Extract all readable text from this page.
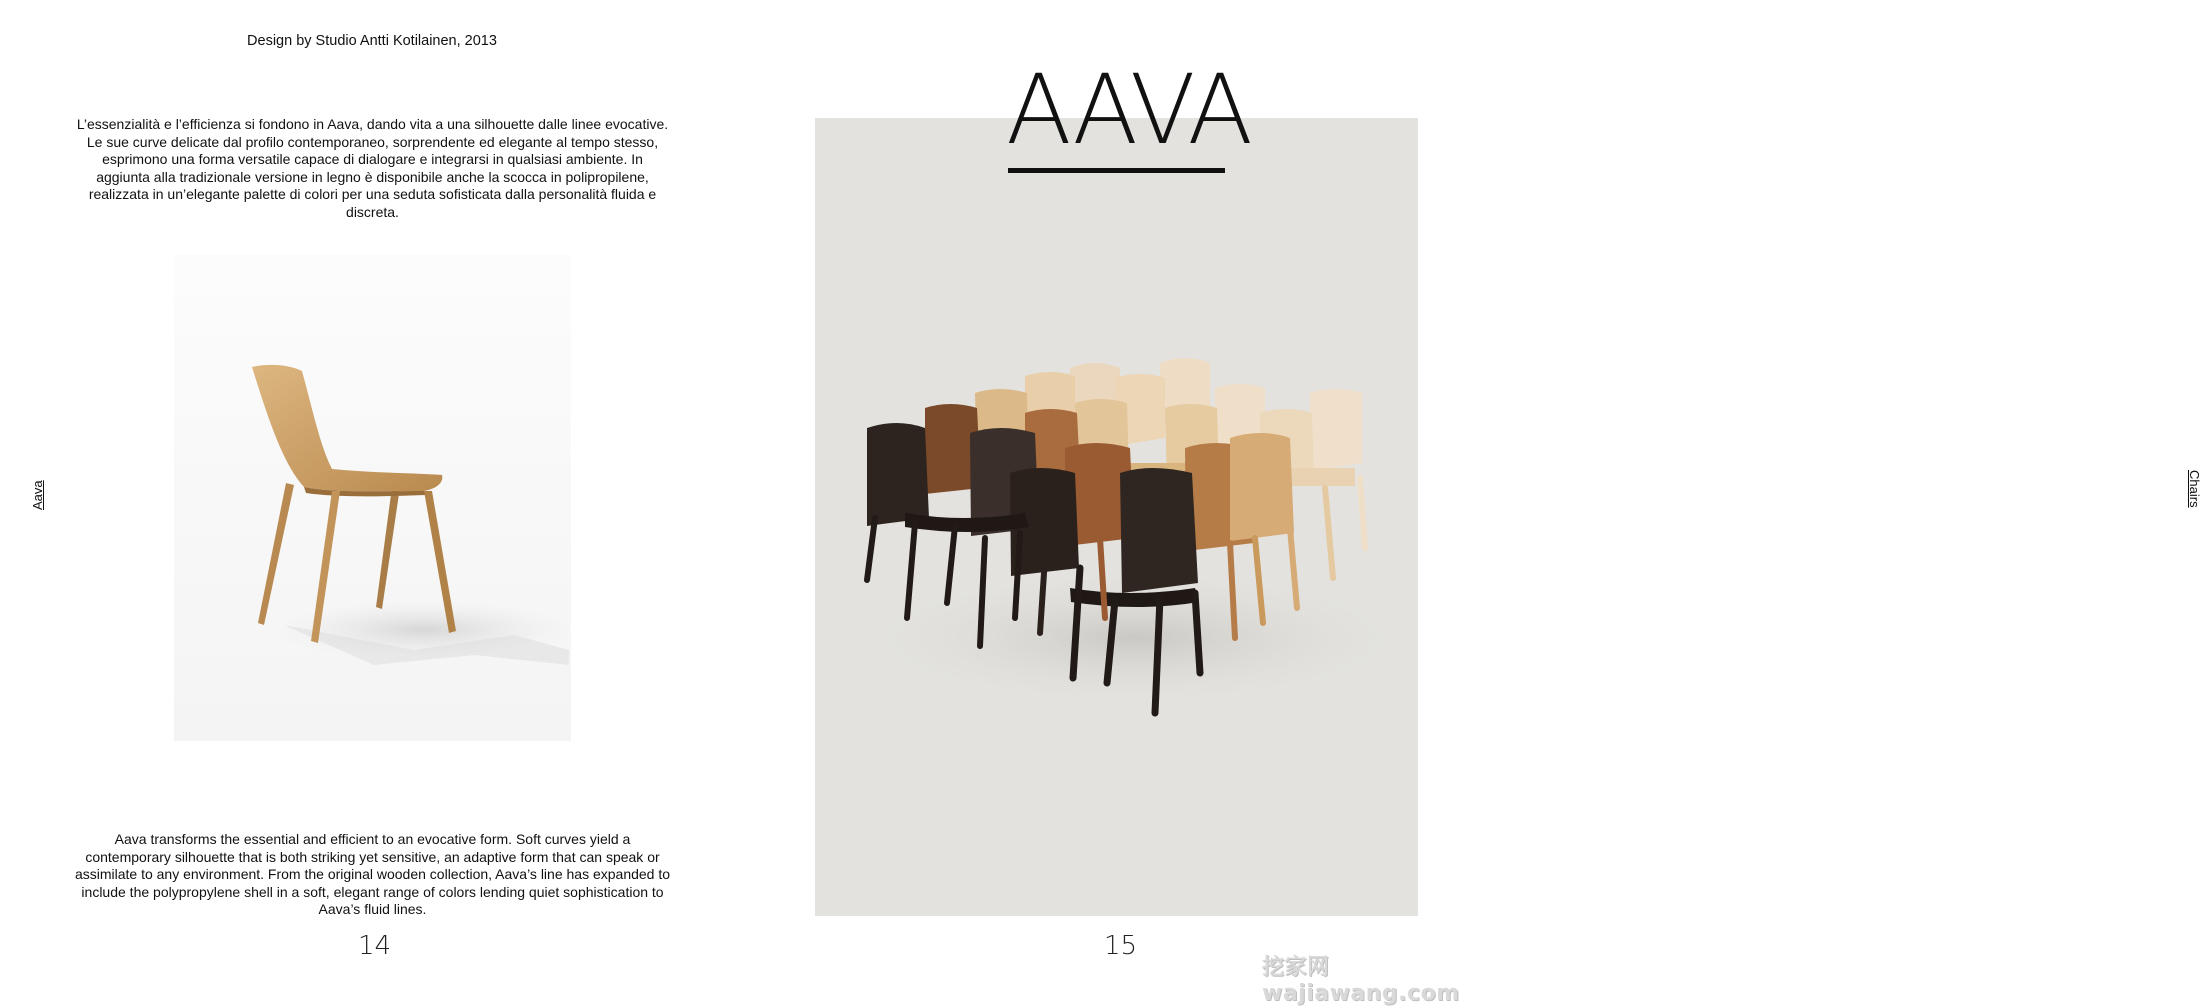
Design by Studio Antti Kotilainen, 2013

L’essenzialità e l’efficienza si fondono in Aava, dando vita a una silhouette dalle linee evocative. Le sue curve delicate dal profilo contemporaneo, sorprendente ed elegante al tempo stesso, esprimono una forma versatile capace di dialogare e integrarsi in qualsiasi ambiente. In aggiunta alla tradizionale versione in legno è disponibile anche la scocca in polipropilene, realizzata in un’elegante palette di colori per una seduta sofisticata dalla personalità fluida e discreta.

Aava transforms the essential and efficient to an evocative form. Soft curves yield a contemporary silhouette that is both striking yet sensitive, an adaptive form that can speak or assimilate to any environment. From the original wooden collection, Aava’s line has expanded to include the polypropylene shell in a soft, elegant range of colors lending quiet sophistication to Aava’s fluid lines.

14
Aava
AAVA
15
Chairs
挖家网 wajiawang.com
